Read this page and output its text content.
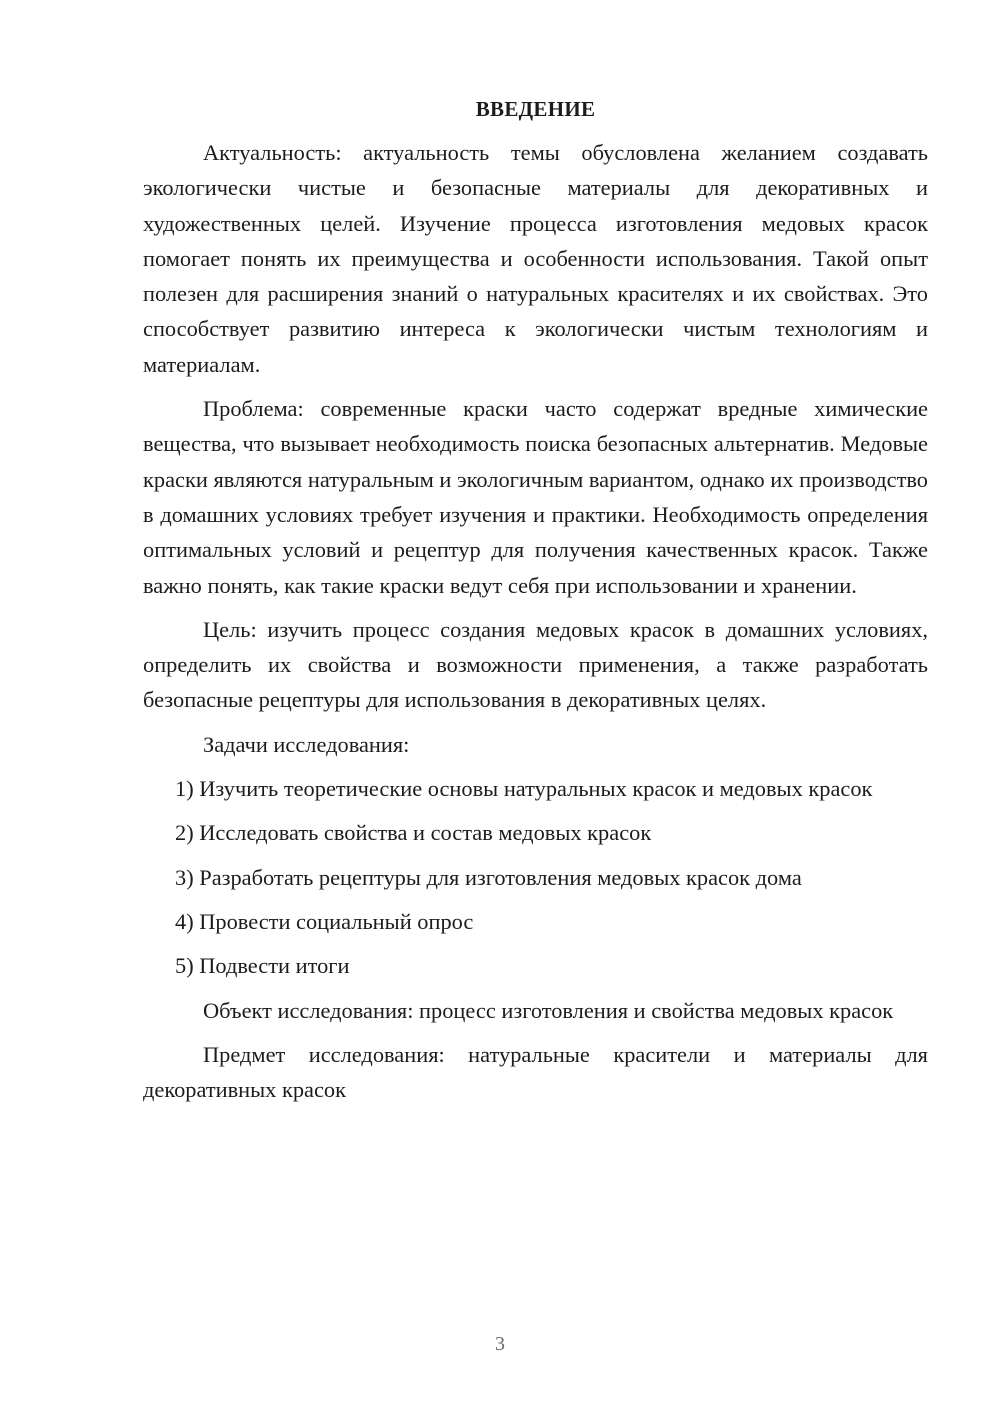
ВВЕДЕНИЕ

Актуальность: актуальность темы обусловлена желанием создавать экологически чистые и безопасные материалы для декоративных и художественных целей. Изучение процесса изготовления медовых красок помогает понять их преимущества и особенности использования. Такой опыт полезен для расширения знаний о натуральных красителях и их свойствах. Это способствует развитию интереса к экологически чистым технологиям и материалам.

Проблема: современные краски часто содержат вредные химические вещества, что вызывает необходимость поиска безопасных альтернатив. Медовые краски являются натуральным и экологичным вариантом, однако их производство в домашних условиях требует изучения и практики. Необходимость определения оптимальных условий и рецептур для получения качественных красок. Также важно понять, как такие краски ведут себя при использовании и хранении.

Цель: изучить процесс создания медовых красок в домашних условиях, определить их свойства и возможности применения, а также разработать безопасные рецептуры для использования в декоративных целях.

Задачи исследования:

1) Изучить теоретические основы натуральных красок и медовых красок

2) Исследовать свойства и состав медовых красок

3) Разработать рецептуры для изготовления медовых красок дома

4) Провести социальный опрос

5) Подвести итоги

Объект исследования: процесс изготовления и свойства медовых красок

Предмет исследования: натуральные красители и материалы для декоративных красок

3
